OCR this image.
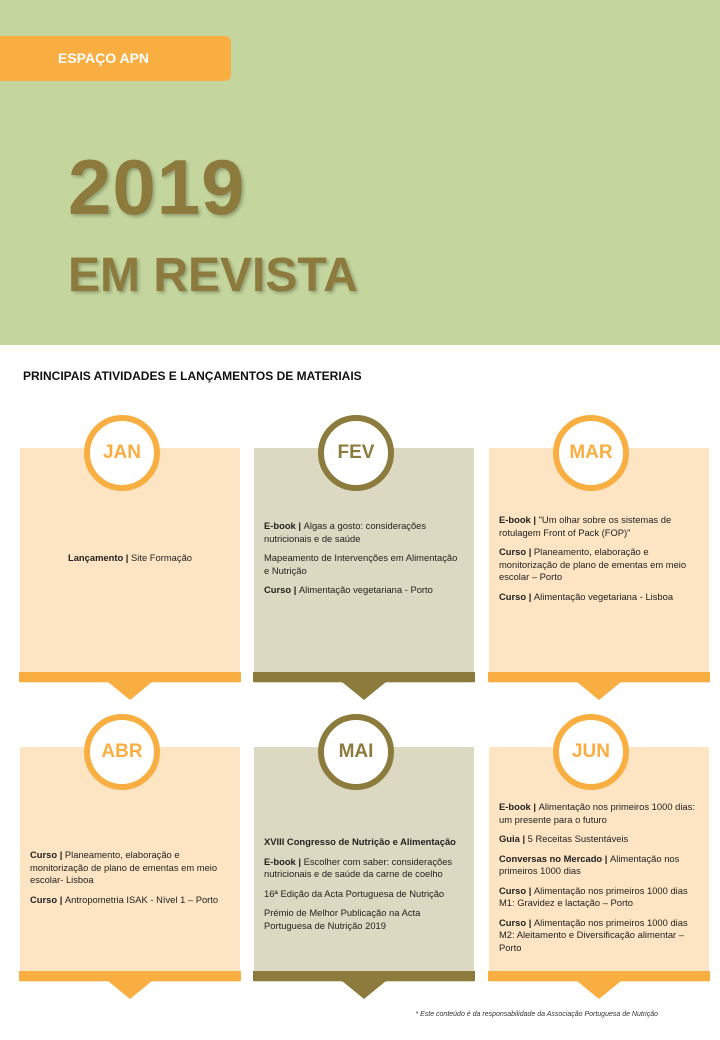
ESPAÇO APN
2019
EM REVISTA
PRINCIPAIS ATIVIDADES E LANÇAMENTOS DE MATERIAIS
JAN

Lançamento | Site Formação

FEV

E-book | Algas a gosto: considerações nutricionais e de saúde

Mapeamento de Intervenções em Alimentação e Nutrição

Curso | Alimentação vegetariana - Porto

MAR

E-book | "Um olhar sobre os sistemas de rotulagem Front of Pack (FOP)"

Curso | Planeamento, elaboração e monitorização de plano de ementas em meio escolar – Porto

Curso | Alimentação vegetariana - Lisboa

ABR

Curso | Planeamento, elaboração e monitorização de plano de ementas em meio escolar- Lisboa

Curso | Antropometria ISAK - Nível 1 – Porto

MAI

XVIII Congresso de Nutrição e Alimentação

E-book | Escolher com saber: considerações nutricionais e de saúde da carne de coelho

16ª Edição da Acta Portuguesa de Nutrição

Prémio de Melhor Publicação na Acta Portuguesa de Nutrição 2019

JUN

E-book | Alimentação nos primeiros 1000 dias: um presente para o futuro

Guia | 5 Receitas Sustentáveis

Conversas no Mercado | Alimentação nos primeiros 1000 dias

Curso | Alimentação nos primeiros 1000 dias M1: Gravidez e lactação – Porto

Curso | Alimentação nos primeiros 1000 dias M2: Aleitamento e Diversificação alimentar – Porto

* Este conteúdo é da responsabilidade da Associação Portuguesa de Nutrição
